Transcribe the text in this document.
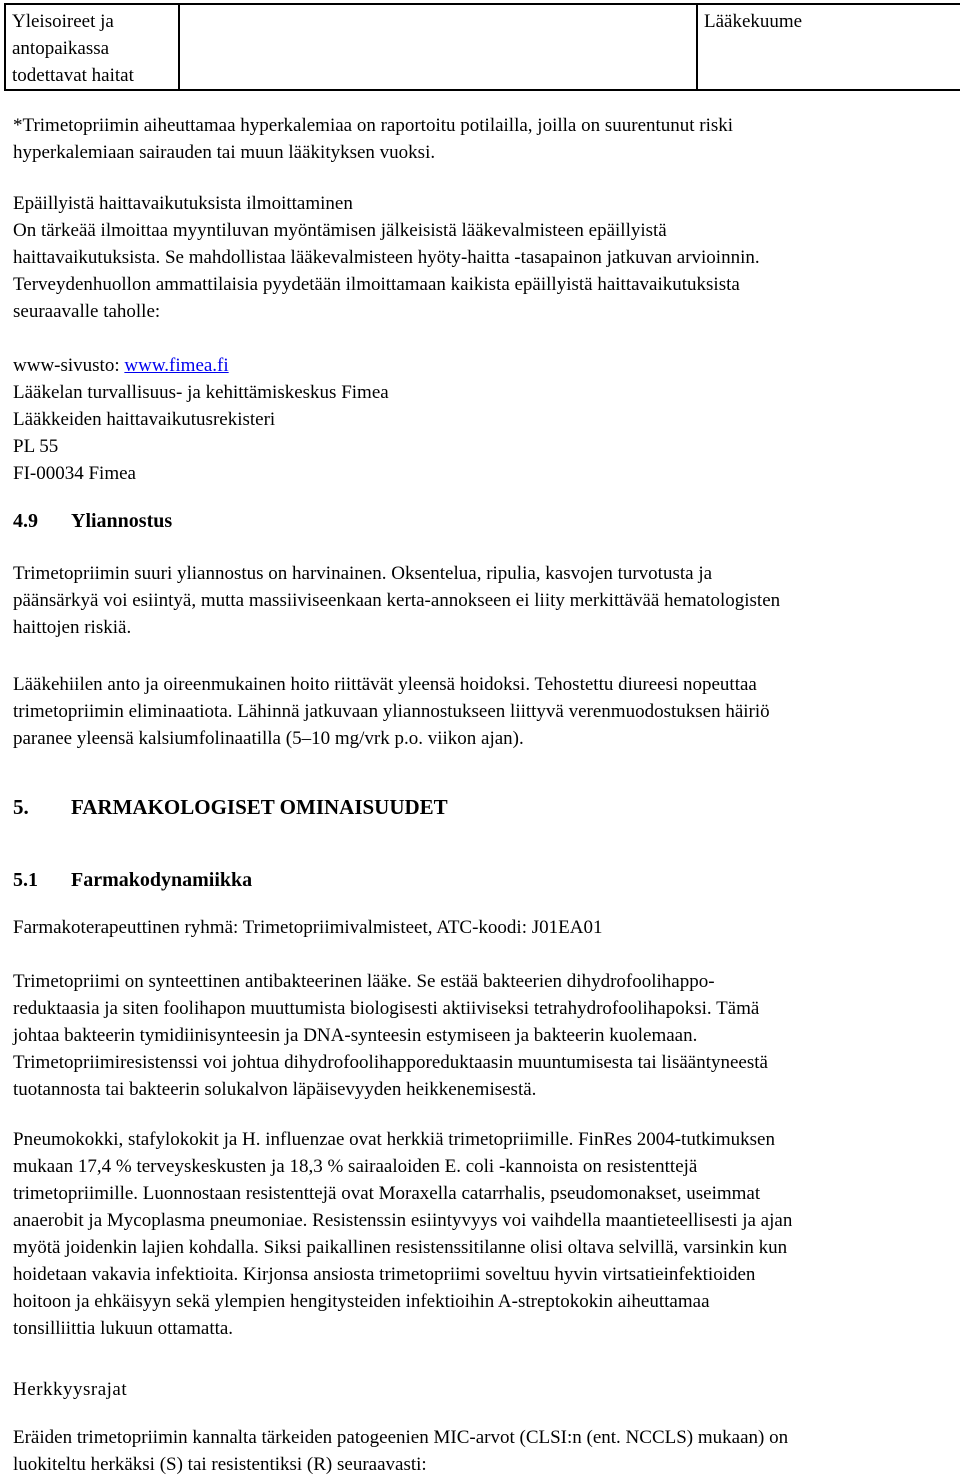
Yleisoireet ja
antopaikassa
todettavat haitat
		Lääkekuume
*Trimetopriimin aiheuttamaa hyperkalemiaa on raportoitu potilailla, joilla on suurentunut riski
hyperkalemiaan sairauden tai muun lääkityksen vuoksi.
Epäillyistä haittavaikutuksista ilmoittaminen
On tärkeää ilmoittaa myyntiluvan myöntämisen jälkeisistä lääkevalmisteen epäillyistä
haittavaikutuksista. Se mahdollistaa lääkevalmisteen hyöty-haitta -tasapainon jatkuvan arvioinnin.
Terveydenhuollon ammattilaisia pyydetään ilmoittamaan kaikista epäillyistä haittavaikutuksista
seuraavalle taholle:
www-sivusto: www.fimea.fi
Lääkelan turvallisuus- ja kehittämiskeskus Fimea
Lääkkeiden haittavaikutusrekisteri
PL 55
FI-00034 Fimea
4.9 Yliannostus
Trimetopriimin suuri yliannostus on harvinainen. Oksentelua, ripulia, kasvojen turvotusta ja
päänsärkyä voi esiintyä, mutta massiiviseenkaan kerta-annokseen ei liity merkittävää hematologisten
haittojen riskiä.
Lääkehiilen anto ja oireenmukainen hoito riittävät yleensä hoidoksi. Tehostettu diureesi nopeuttaa
trimetopriimin eliminaatiota. Lähinnä jatkuvaan yliannostukseen liittyvä verenmuodostuksen häiriö
paranee yleensä kalsiumfolinaatilla (5–10 mg/vrk p.o. viikon ajan).
5. FARMAKOLOGISET OMINAISUUDET
5.1 Farmakodynamiikka
Farmakoterapeuttinen ryhmä: Trimetopriimivalmisteet, ATC-koodi: J01EA01
Trimetopriimi on synteettinen antibakteerinen lääke. Se estää bakteerien dihydrofoolihappo-
reduktaasia ja siten foolihapon muuttumista biologisesti aktiiviseksi tetrahydrofoolihapoksi. Tämä
johtaa bakteerin tymidiinisynteesin ja DNA-synteesin estymiseen ja bakteerin kuolemaan.
Trimetopriimiresistenssi voi johtua dihydrofoolihapporeduktaasin muuntumisesta tai lisääntyneestä
tuotannosta tai bakteerin solukalvon läpäisevyyden heikkenemisestä.
Pneumokokki, stafylokokit ja H. influenzae ovat herkkiä trimetopriimille. FinRes 2004-tutkimuksen
mukaan 17,4 % terveyskeskusten ja 18,3 % sairaaloiden E. coli -kannoista on resistenttejä
trimetopriimille. Luonnostaan resistenttejä ovat Moraxella catarrhalis, pseudomonakset, useimmat
anaerobit ja Mycoplasma pneumoniae. Resistenssin esiintyvyys voi vaihdella maantieteellisesti ja ajan
myötä joidenkin lajien kohdalla. Siksi paikallinen resistenssitilanne olisi oltava selvillä, varsinkin kun
hoidetaan vakavia infektioita. Kirjonsa ansiosta trimetopriimi soveltuu hyvin virtsatieinfektioiden
hoitoon ja ehkäisyyn sekä ylempien hengitysteiden infektioihin A-streptokokin aiheuttamaa
tonsilliittia lukuun ottamatta.
Herkkyysrajat
Eräiden trimetopriimin kannalta tärkeiden patogeenien MIC-arvot (CLSI:n (ent. NCCLS) mukaan) on
luokiteltu herkäksi (S) tai resistentiksi (R) seuraavasti:
